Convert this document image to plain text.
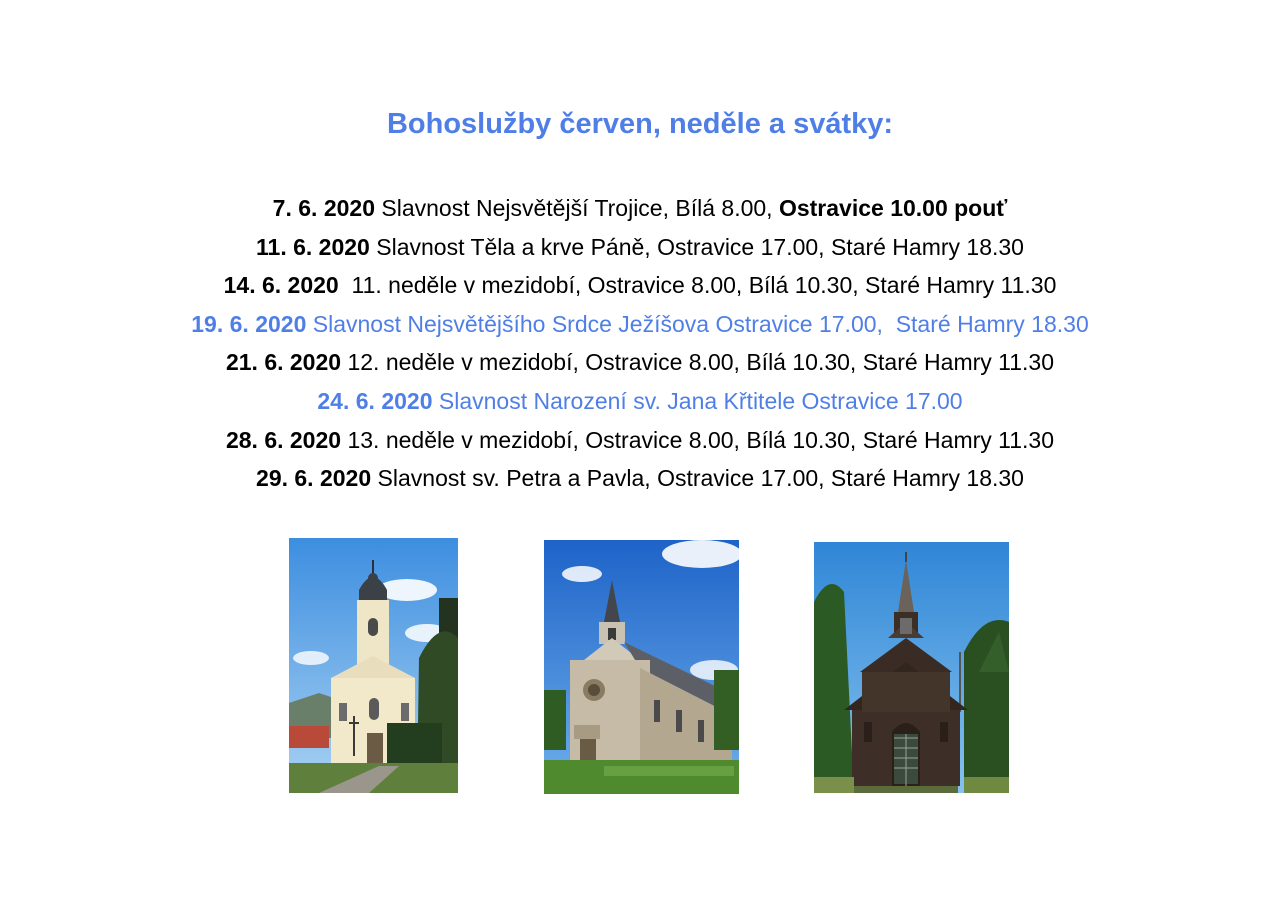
Bohoslužby červen, neděle a svátky:
7. 6. 2020 Slavnost Nejsvětější Trojice, Bílá 8.00, Ostravice 10.00 pouť
11. 6. 2020 Slavnost Těla a krve Páně, Ostravice 17.00, Staré Hamry 18.30
14. 6. 2020  11. neděle v mezidobí, Ostravice 8.00, Bílá 10.30, Staré Hamry 11.30
19. 6. 2020 Slavnost Nejsvětějšího Srdce Ježíšova Ostravice 17.00,  Staré Hamry 18.30
21. 6. 2020 12. neděle v mezidobí, Ostravice 8.00, Bílá 10.30, Staré Hamry 11.30
24. 6. 2020 Slavnost Narození sv. Jana Křtitele Ostravice 17.00
28. 6. 2020 13. neděle v mezidobí, Ostravice 8.00, Bílá 10.30, Staré Hamry 11.30
29. 6. 2020 Slavnost sv. Petra a Pavla, Ostravice 17.00, Staré Hamry 18.30
